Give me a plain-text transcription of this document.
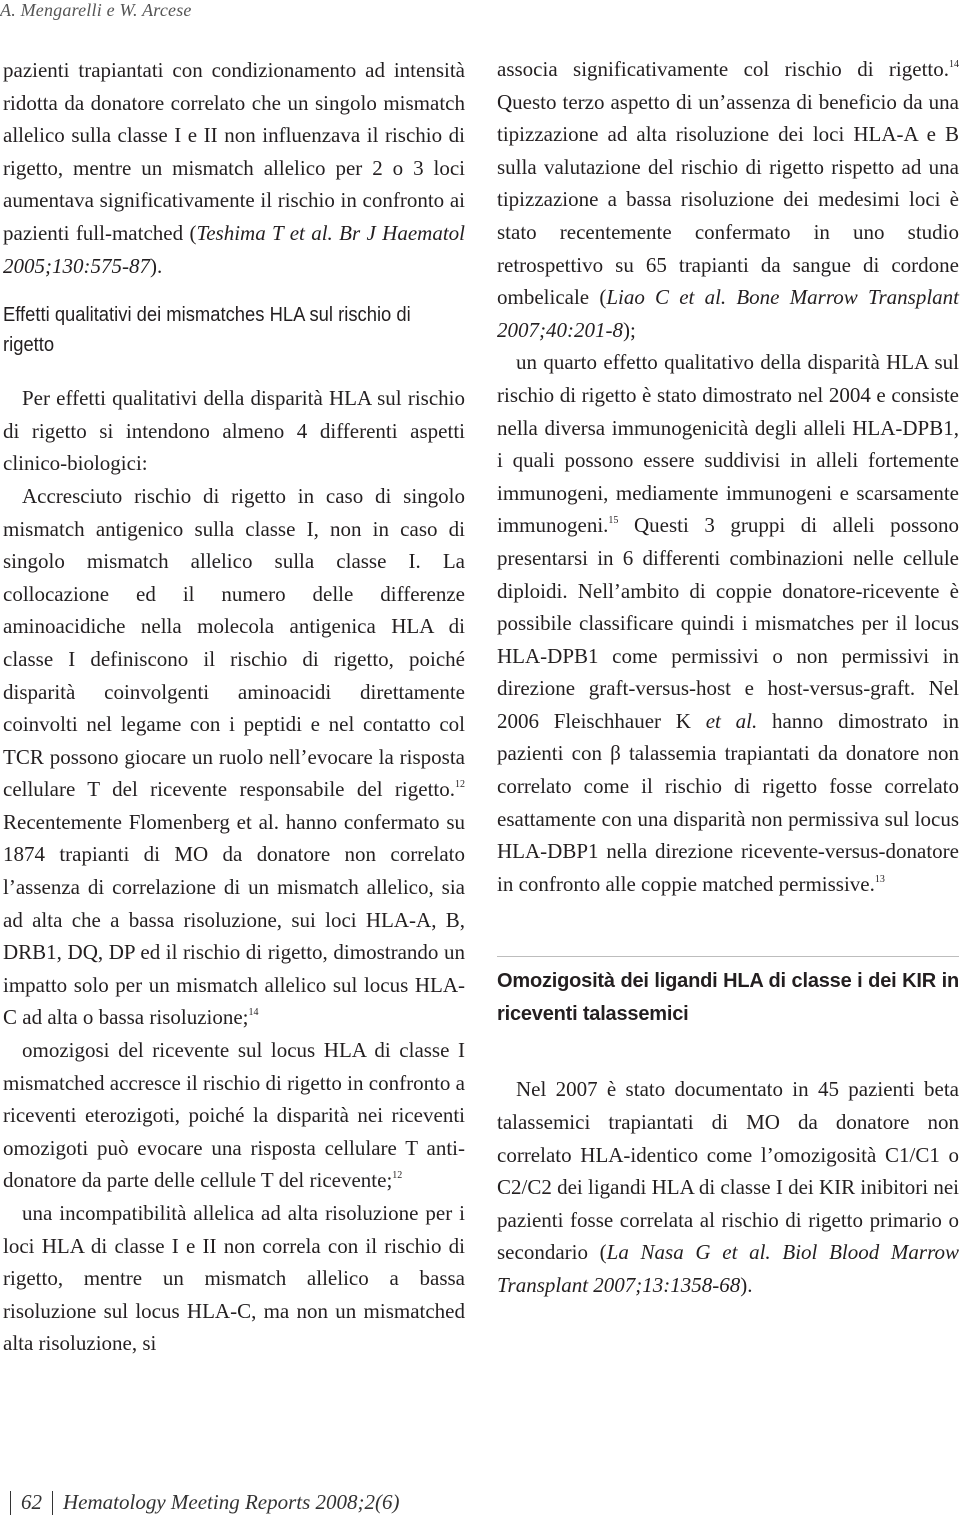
A. Mengarelli e W. Arcese

pazienti trapiantati con condizionamento ad intensità ridotta da donatore correlato che un singolo mismatch allelico sulla classe I e II non influenzava il rischio di rigetto, mentre un mismatch allelico per 2 o 3 loci aumentava significativamente il rischio in confronto ai pazienti full-matched (Teshima T et al. Br J Haematol 2005;130:575-87).

Effetti qualitativi dei mismatches HLA sul rischio di rigetto

Per effetti qualitativi della disparità HLA sul rischio di rigetto si intendono almeno 4 differenti aspetti clinico-biologici:

Accresciuto rischio di rigetto in caso di singolo mismatch antigenico sulla classe I, non in caso di singolo mismatch allelico sulla classe I. La collocazione ed il numero delle differenze aminoacidiche nella molecola antigenica HLA di classe I definiscono il rischio di rigetto, poiché disparità coinvolgenti aminoacidi direttamente coinvolti nel legame con i peptidi e nel contatto col TCR possono giocare un ruolo nell’evocare la risposta cellulare T del ricevente responsabile del rigetto.$^{12}$ Recentemente Flomenberg et al. hanno confermato su 1874 trapianti di MO da donatore non correlato l’assenza di correlazione di un mismatch allelico, sia ad alta che a bassa risoluzione, sui loci HLA-A, B, DRB1, DQ, DP ed il rischio di rigetto, dimostrando un impatto solo per un mismatch allelico sul locus HLA-C ad alta o bassa risoluzione;$^{14}$

omozigosi del ricevente sul locus HLA di classe I mismatched accresce il rischio di rigetto in confronto a riceventi eterozigoti, poiché la disparità nei riceventi omozigoti può evocare una risposta cellulare T anti-donatore da parte delle cellule T del ricevente;$^{12}$

una incompatibilità allelica ad alta risoluzione per i loci HLA di classe I e II non correla con il rischio di rigetto, mentre un mismatch allelico a bassa risoluzione sul locus HLA-C, ma non un mismatched alta risoluzione, si

associa significativamente col rischio di rigetto.$^{14}$ Questo terzo aspetto di un’assenza di beneficio da una tipizzazione ad alta risoluzione dei loci HLA-A e B sulla valutazione del rischio di rigetto rispetto ad una tipizzazione a bassa risoluzione dei medesimi loci è stato recentemente confermato in uno studio retrospettivo su 65 trapianti da sangue di cordone ombelicale (Liao C et al. Bone Marrow Transplant 2007;40:201-8);

un quarto effetto qualitativo della disparità HLA sul rischio di rigetto è stato dimostrato nel 2004 e consiste nella diversa immunogenicità degli alleli HLA-DPB1, i quali possono essere suddivisi in alleli fortemente immunogeni, mediamente immunogeni e scarsamente immunogeni.$^{15}$ Questi 3 gruppi di alleli possono presentarsi in 6 differenti combinazioni nelle cellule diploidi. Nell’ambito di coppie donatore-ricevente è possibile classificare quindi i mismatches per il locus HLA-DPB1 come permissivi o non permissivi in direzione graft-versus-host e host-versus-graft. Nel 2006 Fleischhauer K et al. hanno dimostrato in pazienti con β talassemia trapiantati da donatore non correlato come il rischio di rigetto fosse correlato esattamente con una disparità non permissiva sul locus HLA-DBP1 nella direzione ricevente-versus-donatore in confronto alle coppie matched permissive.$^{13}$

Omozigosità dei ligandi HLA di classe i dei KIR in riceventi talassemici

Nel 2007 è stato documentato in 45 pazienti beta talassemici trapiantati di MO da donatore non correlato HLA-identico come l’omozigosità C1/C1 o C2/C2 dei ligandi HLA di classe I dei KIR inibitori nei pazienti fosse correlata al rischio di rigetto primario o secondario (La Nasa G et al. Biol Blood Marrow Transplant 2007;13:1358-68).

62 Hematology Meeting Reports 2008;2(6)
